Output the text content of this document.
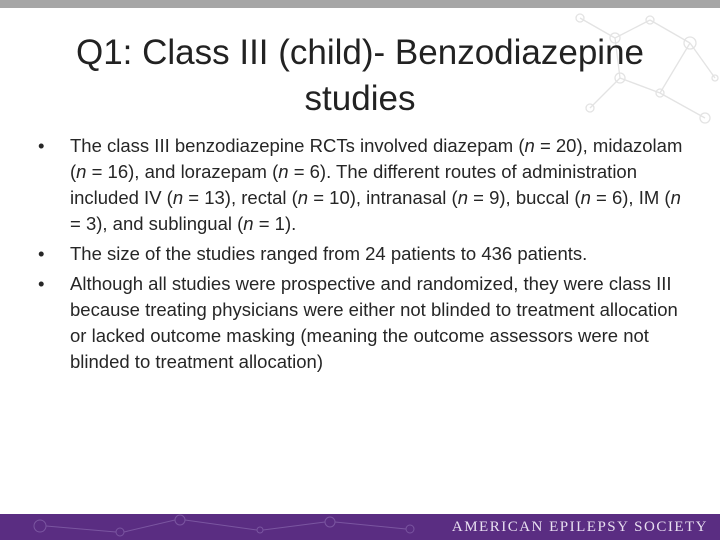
Q1: Class III (child)- Benzodiazepine
studies
•	The class III benzodiazepine RCTs involved diazepam (n = 20), midazolam (n = 16), and lorazepam (n = 6). The different routes of administration included IV (n = 13), rectal (n = 10), intranasal (n = 9), buccal (n = 6), IM (n = 3), and sublingual (n = 1).
•	The size of the studies ranged from 24 patients to 436 patients.
•	Although all studies were prospective and randomized, they were class III because treating physicians were either not blinded to treatment allocation or lacked outcome masking (meaning the outcome assessors were not blinded to treatment allocation)
AMERICAN EPILEPSY SOCIETY
